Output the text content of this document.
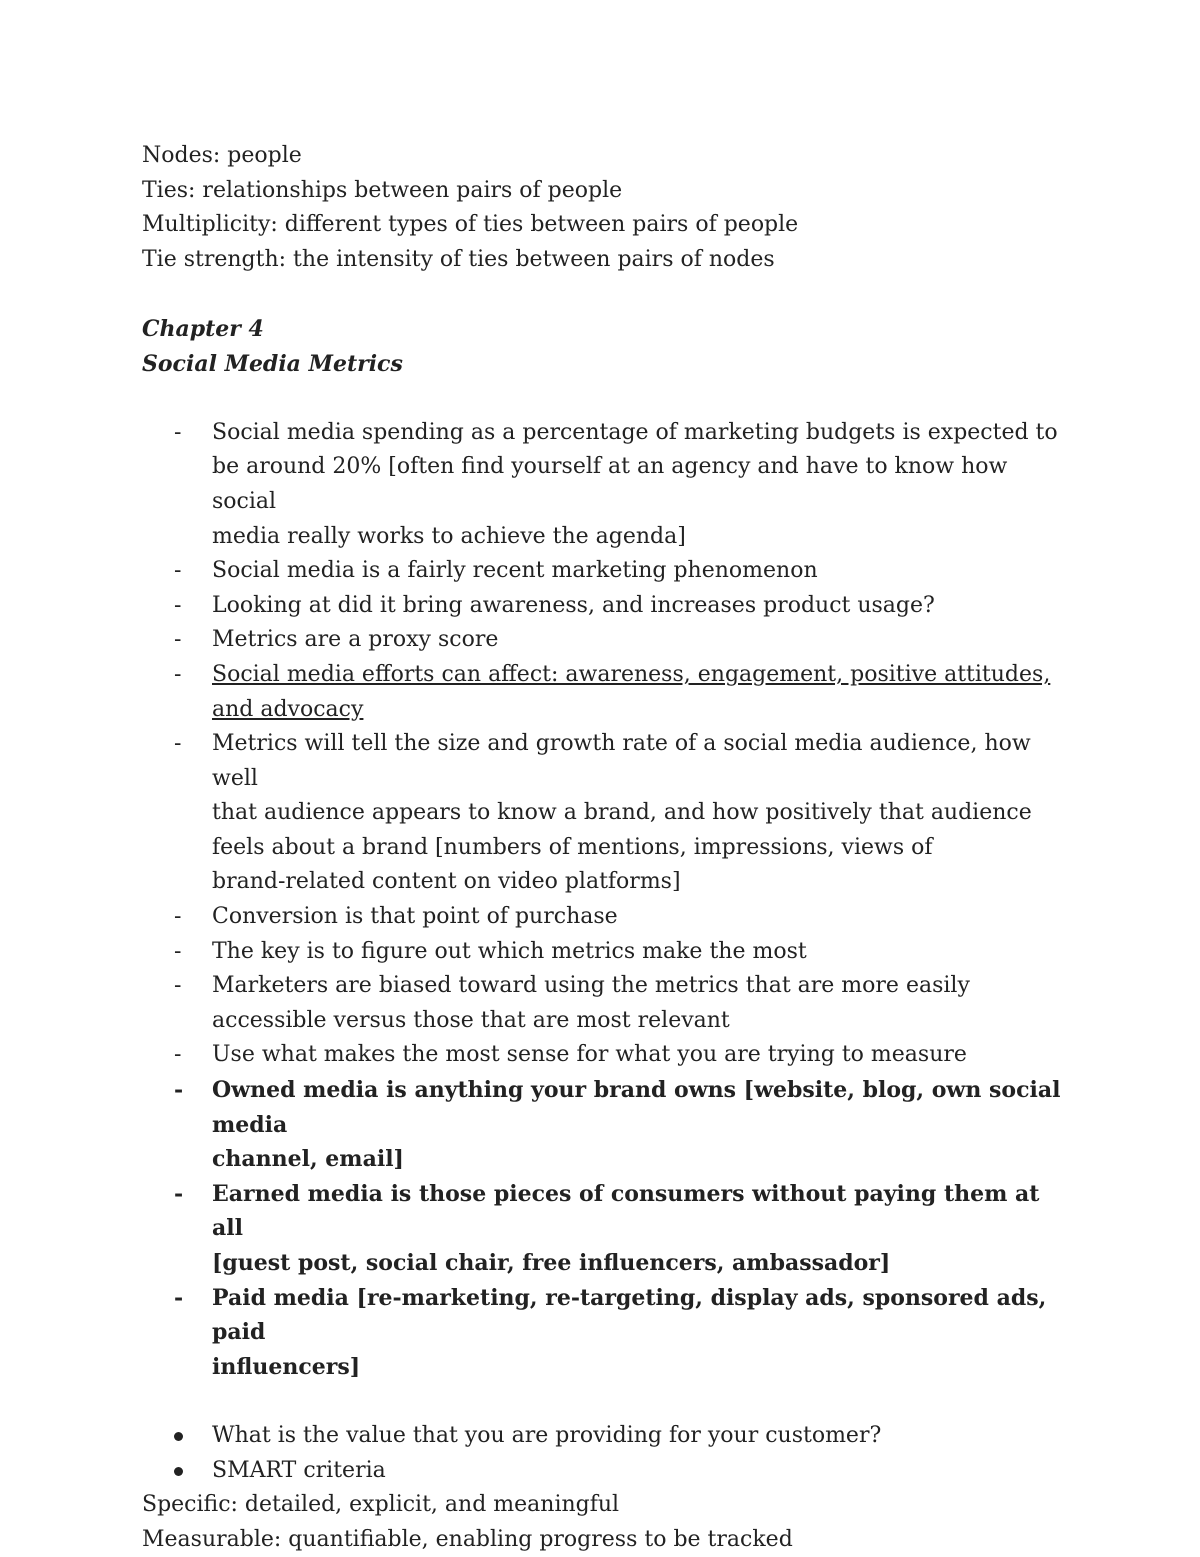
Nodes: people
Ties: relationships between pairs of people
Multiplicity: different types of ties between pairs of people
Tie strength: the intensity of ties between pairs of nodes
Chapter 4
Social Media Metrics
- Social media spending as a percentage of marketing budgets is expected to
be around 20% [often find yourself at an agency and have to know how social
media really works to achieve the agenda]
- Social media is a fairly recent marketing phenomenon
- Looking at did it bring awareness, and increases product usage?
- Metrics are a proxy score
- Social media efforts can affect: awareness, engagement, positive attitudes,
and advocacy
- Metrics will tell the size and growth rate of a social media audience, how well
that audience appears to know a brand, and how positively that audience
feels about a brand [numbers of mentions, impressions, views of
brand-related content on video platforms]
- Conversion is that point of purchase
- The key is to figure out which metrics make the most
- Marketers are biased toward using the metrics that are more easily
accessible versus those that are most relevant
- Use what makes the most sense for what you are trying to measure
- Owned media is anything your brand owns [website, blog, own social media
channel, email]
- Earned media is those pieces of consumers without paying them at all
[guest post, social chair, free influencers, ambassador]
- Paid media [re-marketing, re-targeting, display ads, sponsored ads, paid
influencers]
What is the value that you are providing for your customer?
SMART criteria
Specific: detailed, explicit, and meaningful
Measurable: quantifiable, enabling progress to be tracked
